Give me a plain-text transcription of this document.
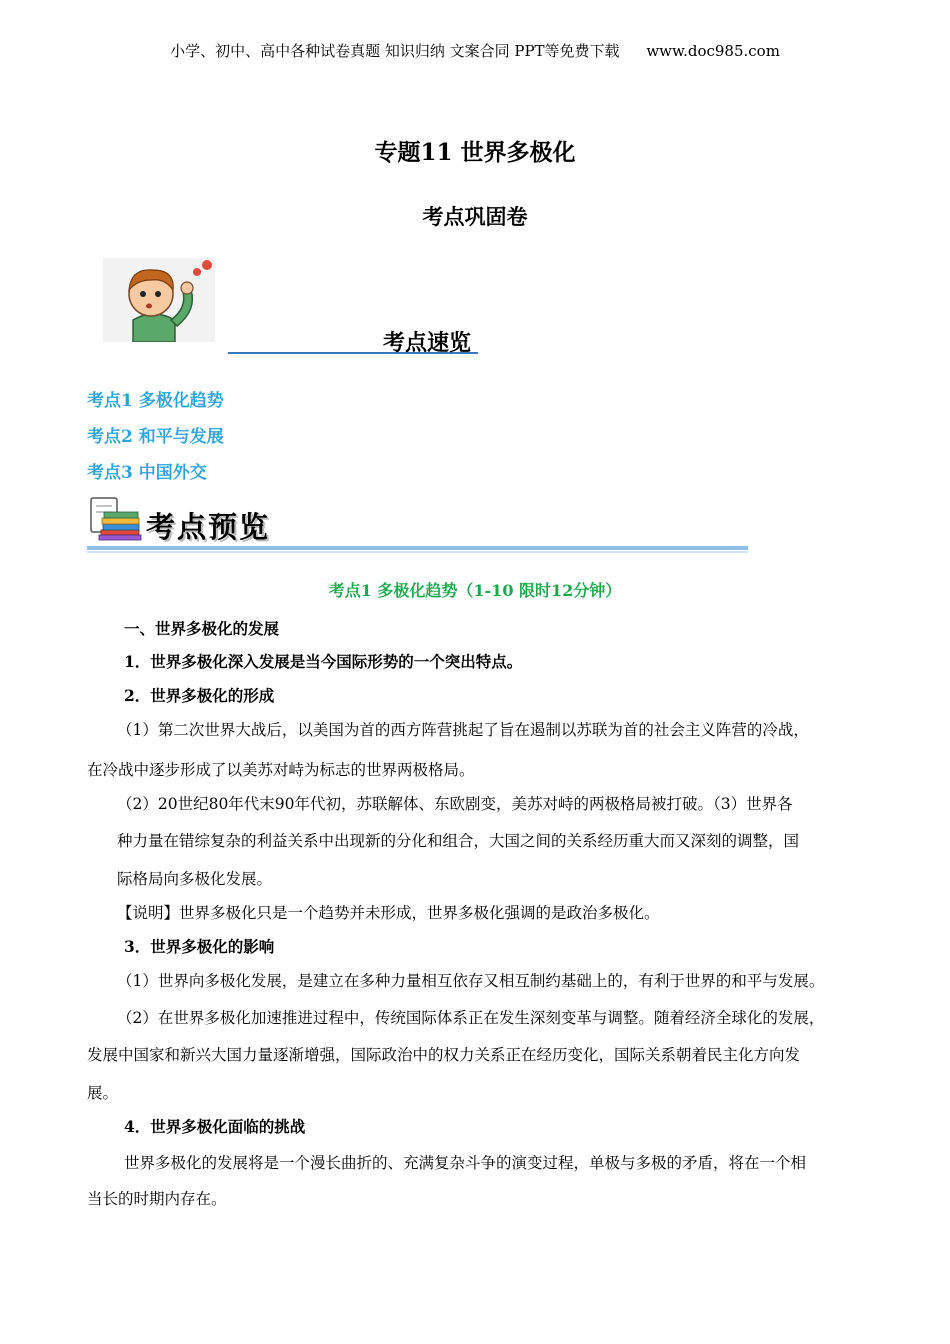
小学、初中、高中各种试卷真题 知识归纳 文案合同 PPT等免费下载 www.doc985.com
专题11 世界多极化
考点巩固卷
考点速览
考点1 多极化趋势
考点2 和平与发展
考点3 中国外交
考点预览
考点1 多极化趋势（1-10 限时12分钟）
一、世界多极化的发展
1．世界多极化深入发展是当今国际形势的一个突出特点。
2．世界多极化的形成
（1）第二次世界大战后，以美国为首的西方阵营挑起了旨在遏制以苏联为首的社会主义阵营的冷战，
在冷战中逐步形成了以美苏对峙为标志的世界两极格局。
（2）20世纪80年代末90年代初，苏联解体、东欧剧变，美苏对峙的两极格局被打破。（3）世界各
种力量在错综复杂的利益关系中出现新的分化和组合，大国之间的关系经历重大而又深刻的调整，国
际格局向多极化发展。
【说明】世界多极化只是一个趋势并未形成，世界多极化强调的是政治多极化。
3．世界多极化的影响
（1）世界向多极化发展，是建立在多种力量相互依存又相互制约基础上的，有利于世界的和平与发展。
（2）在世界多极化加速推进过程中，传统国际体系正在发生深刻变革与调整。随着经济全球化的发展，
发展中国家和新兴大国力量逐渐增强，国际政治中的权力关系正在经历变化，国际关系朝着民主化方向发
展。
4．世界多极化面临的挑战
世界多极化的发展将是一个漫长曲折的、充满复杂斗争的演变过程，单极与多极的矛盾，将在一个相
当长的时期内存在。
